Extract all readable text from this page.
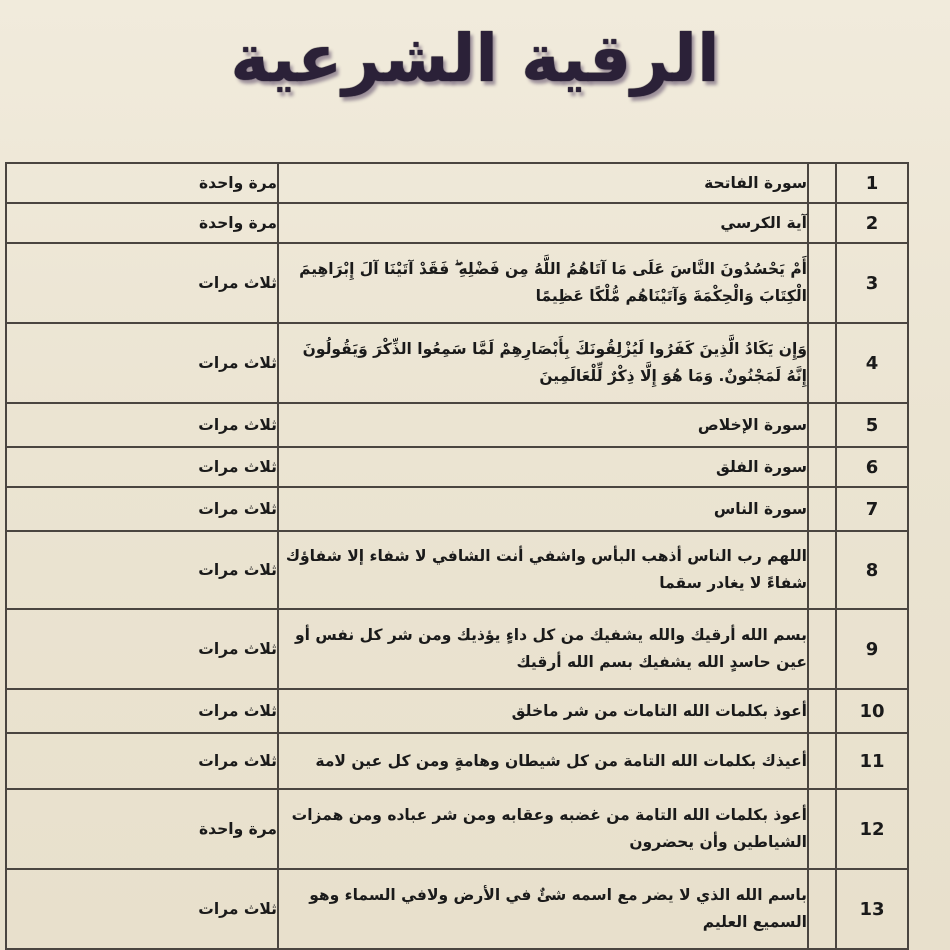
الرقية الشرعية
1		سورة الفاتحة	مرة واحدة
2		آية الكرسي	مرة واحدة
3		أَمْ يَحْسُدُونَ النَّاسَ عَلَى مَا آتَاهُمُ اللَّهُ مِن فَضْلِهِ ۖ فَقَدْ آتَيْنَا آلَ إِبْرَاهِيمَ الْكِتَابَ وَالْحِكْمَةَ وَآتَيْنَاهُم مُّلْكًا عَظِيمًا	ثلاث مرات
4		وَإِن يَكَادُ الَّذِينَ كَفَرُوا لَيُزْلِقُونَكَ بِأَبْصَارِهِمْ لَمَّا سَمِعُوا الذِّكْرَ وَيَقُولُونَ إِنَّهُ لَمَجْنُونٌ. وَمَا هُوَ إِلَّا ذِكْرٌ لِّلْعَالَمِينَ	ثلاث مرات
5		سورة الإخلاص	ثلاث مرات
6		سورة الفلق	ثلاث مرات
7		سورة الناس	ثلاث مرات
8		اللهم رب الناس أذهب البأس واشفي أنت الشافي لا شفاء إلا شفاؤك شفاءً لا يغادر سقما	ثلاث مرات
9		بسم الله أرقيك والله يشفيك من كل داءٍ يؤذيك ومن شر كل نفس أو عين حاسدٍ الله يشفيك بسم الله أرقيك	ثلاث مرات
10		أعوذ بكلمات الله التامات من شر ماخلق	ثلاث مرات
11		أعيذك بكلمات الله التامة من كل شيطان وهامةٍ ومن كل عين لامة	ثلاث مرات
12		أعوذ بكلمات الله التامة من غضبه وعقابه ومن شر عباده ومن همزات الشياطين وأن يحضرون	مرة واحدة
13		باسم الله الذي لا يضر مع اسمه شئٌ في الأرض ولافي السماء وهو السميع العليم	ثلاث مرات
